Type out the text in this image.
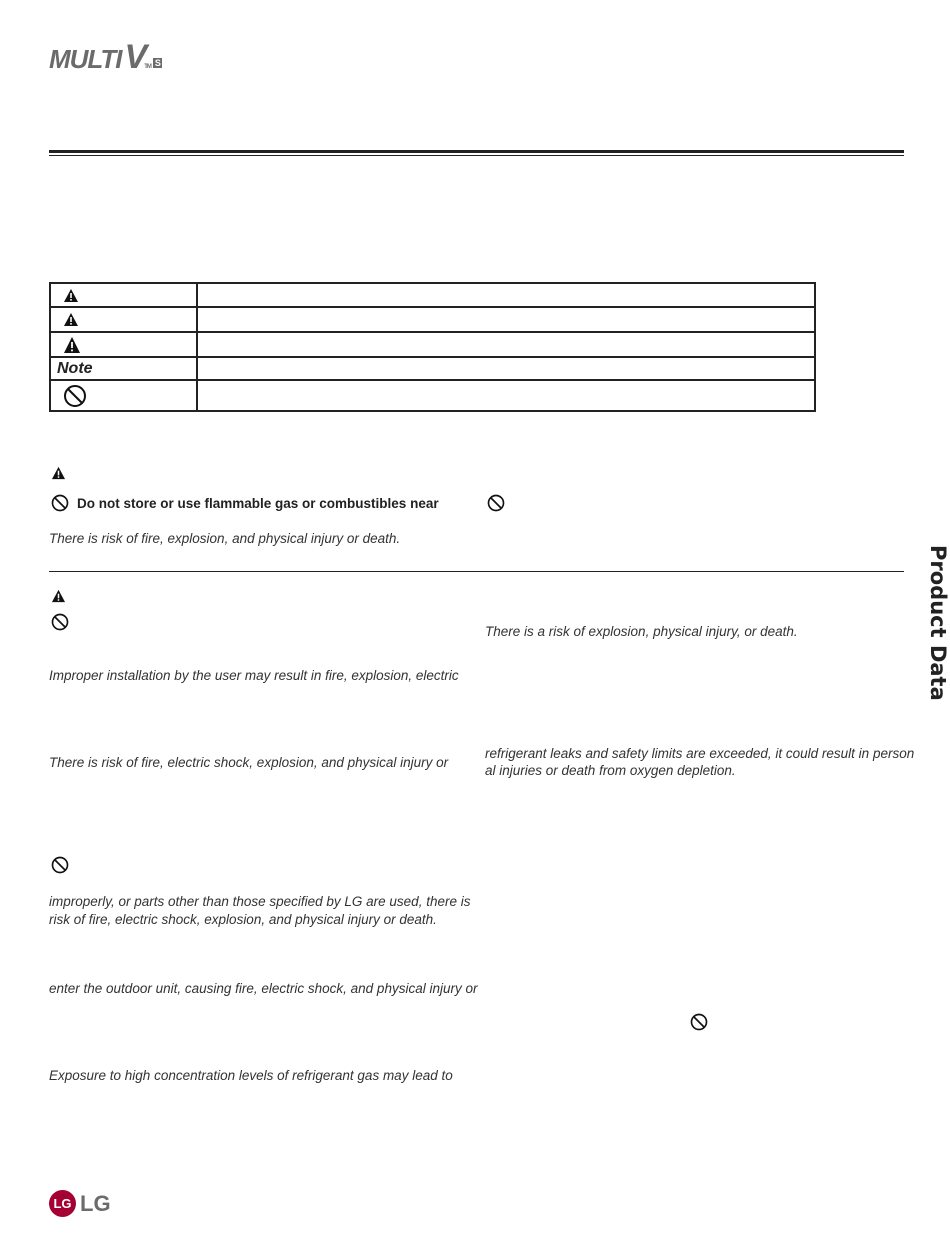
MULTIVTM S

Note	

Do not store or use flammable gas or combustibles near
There is risk of fire, explosion, and physical injury or death.
There is a risk of explosion, physical injury, or death.
Improper installation by the user may result in fire, explosion, electric
refrigerant leaks and safety limits are exceeded, it could result in person
There is risk of fire, electric shock, explosion, and physical injury or
al injuries or death from oxygen depletion.
improperly, or parts other than those specified by LG are used, there is
risk of fire, electric shock, explosion, and physical injury or death.
enter the outdoor unit, causing fire, electric shock, and physical injury or
Exposure to high concentration levels of refrigerant gas may lead to
Product Data
LG LG
